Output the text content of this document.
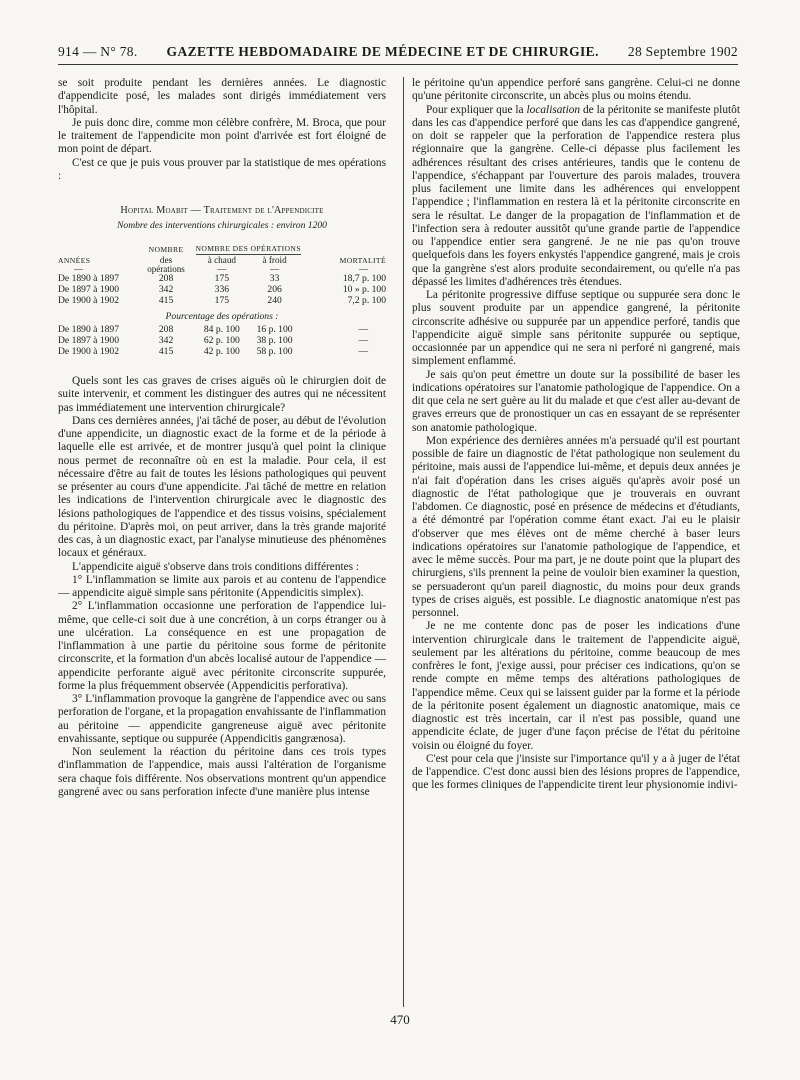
914 — N° 78. GAZETTE HEBDOMADAIRE DE MÉDECINE ET DE CHIRURGIE. 28 Septembre 1902

se soit produite pendant les dernières années. Le diagnostic d'appendicite posé, les malades sont dirigés immédiatement vers l'hôpital.

Je puis donc dire, comme mon célèbre confrère, M. Broca, que pour le traitement de l'appendicite mon point d'arrivée est fort éloigné de mon point de départ.

C'est ce que je puis vous prouver par la statistique de mes opérations :

Hopital Moabit — Traitement de l'Appendicite
Nombre des interventions chirurgicales : environ 1200
	NOMBRE	NOMBRE DES OPÉRATIONS		
ANNÉES	des	à chaud	à froid	MORTALITÉ
—	opérations	—	—	—
De 1890 à 1897	208	175	33	18,7 p. 100
De 1897 à 1900	342	336	206	10 » p. 100
De 1900 à 1902	415	175	240	7,2 p. 100
Pourcentage des opérations :				
De 1890 à 1897	208	84 p. 100	16 p. 100	—
De 1897 à 1900	342	62 p. 100	38 p. 100	—
De 1900 à 1902	415	42 p. 100	58 p. 100	—

Quels sont les cas graves de crises aiguës où le chirurgien doit de suite intervenir, et comment les distinguer des autres qui ne nécessitent pas immédiatement une intervention chirurgicale?

Dans ces dernières années, j'ai tâché de poser, au début de l'évolution d'une appendicite, un diagnostic exact de la forme et de la période à laquelle elle est arrivée, et de montrer jusqu'à quel point la clinique nous permet de reconnaître où en est la maladie. Pour cela, il est nécessaire d'être au fait de toutes les lésions pathologiques qui peuvent se présenter au cours d'une appendicite. J'ai tâché de mettre en relation les indications de l'intervention chirurgicale avec le diagnostic des lésions pathologiques de l'appendice et des tissus voisins, spécialement du péritoine. D'après moi, on peut arriver, dans la très grande majorité des cas, à un diagnostic exact, par l'analyse minutieuse des phénomènes locaux et généraux.

L'appendicite aiguë s'observe dans trois conditions différentes :

1° L'inflammation se limite aux parois et au contenu de l'appendice — appendicite aiguë simple sans péritonite (Appendicitis simplex).

2° L'inflammation occasionne une perforation de l'appendice lui-même, que celle-ci soit due à une concrétion, à un corps étranger ou à une ulcération. La conséquence en est une propagation de l'inflammation à une partie du péritoine sous forme de péritonite circonscrite, et la formation d'un abcès localisé autour de l'appendice — appendicite perforante aiguë avec péritonite circonscrite suppurée, forme la plus fréquemment observée (Appendicitis perforativa).

3° L'inflammation provoque la gangrène de l'appendice avec ou sans perforation de l'organe, et la propagation envahissante de l'inflammation au péritoine — appendicite gangreneuse aiguë avec péritonite envahissante, septique ou suppurée (Appendicitis gangrænosa).

Non seulement la réaction du péritoine dans ces trois types d'inflammation de l'appendice, mais aussi l'altération de l'organisme sera chaque fois différente. Nos observations montrent qu'un appendice gangrené avec ou sans perforation infecte d'une manière plus intense

le péritoine qu'un appendice perforé sans gangrène. Celui-ci ne donne qu'une péritonite circonscrite, un abcès plus ou moins étendu.

Pour expliquer que la localisation de la péritonite se manifeste plutôt dans les cas d'appendice perforé que dans les cas d'appendice gangrené, on doit se rappeler que la perforation de l'appendice restera plus régionnaire que la gangrène. Celle-ci dépasse plus facilement les adhérences résultant des crises antérieures, tandis que le contenu de l'appendice, s'échappant par l'ouverture des parois malades, trouvera plus facilement une limite dans les adhérences qui enveloppent l'appendice ; l'inflammation en restera là et la péritonite circonscrite en sera le résultat. Le danger de la propagation de l'inflammation et de l'infection sera à redouter aussitôt qu'une grande partie de l'appendice ou l'appendice entier sera gangrené. Je ne nie pas qu'on trouve quelquefois dans les foyers enkystés l'appendice gangrené, mais je crois que la gangrène s'est alors produite secondairement, ou qu'elle n'a pas dépassé les limites d'adhérences très étendues.

La péritonite progressive diffuse septique ou suppurée sera donc le plus souvent produite par un appendice gangrené, la péritonite circonscrite adhésive ou suppurée par un appendice perforé, tandis que l'appendicite aiguë simple sans péritonite suppurée ou septique, occasionnée par un appendice qui ne sera ni perforé ni gangrené, mais simplement enflammé.

Je sais qu'on peut émettre un doute sur la possibilité de baser les indications opératoires sur l'anatomie pathologique de l'appendice. On a dit que cela ne sert guère au lit du malade et que c'est aller au-devant de graves erreurs que de pronostiquer un cas en essayant de se représenter son anatomie pathologique.

Mon expérience des dernières années m'a persuadé qu'il est pourtant possible de faire un diagnostic de l'état pathologique non seulement du péritoine, mais aussi de l'appendice lui-même, et depuis deux années je n'ai fait d'opération dans les crises aiguës qu'après avoir posé un diagnostic de l'état pathologique que je trouverais en ouvrant l'abdomen. Ce diagnostic, posé en présence de médecins et d'étudiants, a été démontré par l'opération comme étant exact. J'ai eu le plaisir d'observer que mes élèves ont de même cherché à baser leurs indications opératoires sur l'anatomie pathologique de l'appendice, et avec le même succès. Pour ma part, je ne doute point que la plupart des chirurgiens, s'ils prennent la peine de vouloir bien examiner la question, se persuaderont qu'un pareil diagnostic, du moins pour deux grands types de crises aiguës, est possible. Le diagnostic anatomique n'est pas personnel.

Je ne me contente donc pas de poser les indications d'une intervention chirurgicale dans le traitement de l'appendicite aiguë, seulement par les altérations du péritoine, comme beaucoup de mes confrères le font, j'exige aussi, pour préciser ces indications, qu'on se rende compte en même temps des altérations pathologiques de l'appendice même. Ceux qui se laissent guider par la forme et la période de la péritonite posent également un diagnostic anatomique, mais ce diagnostic est très incertain, car il n'est pas possible, quand une appendicite éclate, de juger d'une façon précise de l'état du péritoine voisin ou éloigné du foyer.

C'est pour cela que j'insiste sur l'importance qu'il y a à juger de l'état de l'appendice. C'est donc aussi bien des lésions propres de l'appendice, que les formes cliniques de l'appendicite tirent leur physionomie indivi-

470
